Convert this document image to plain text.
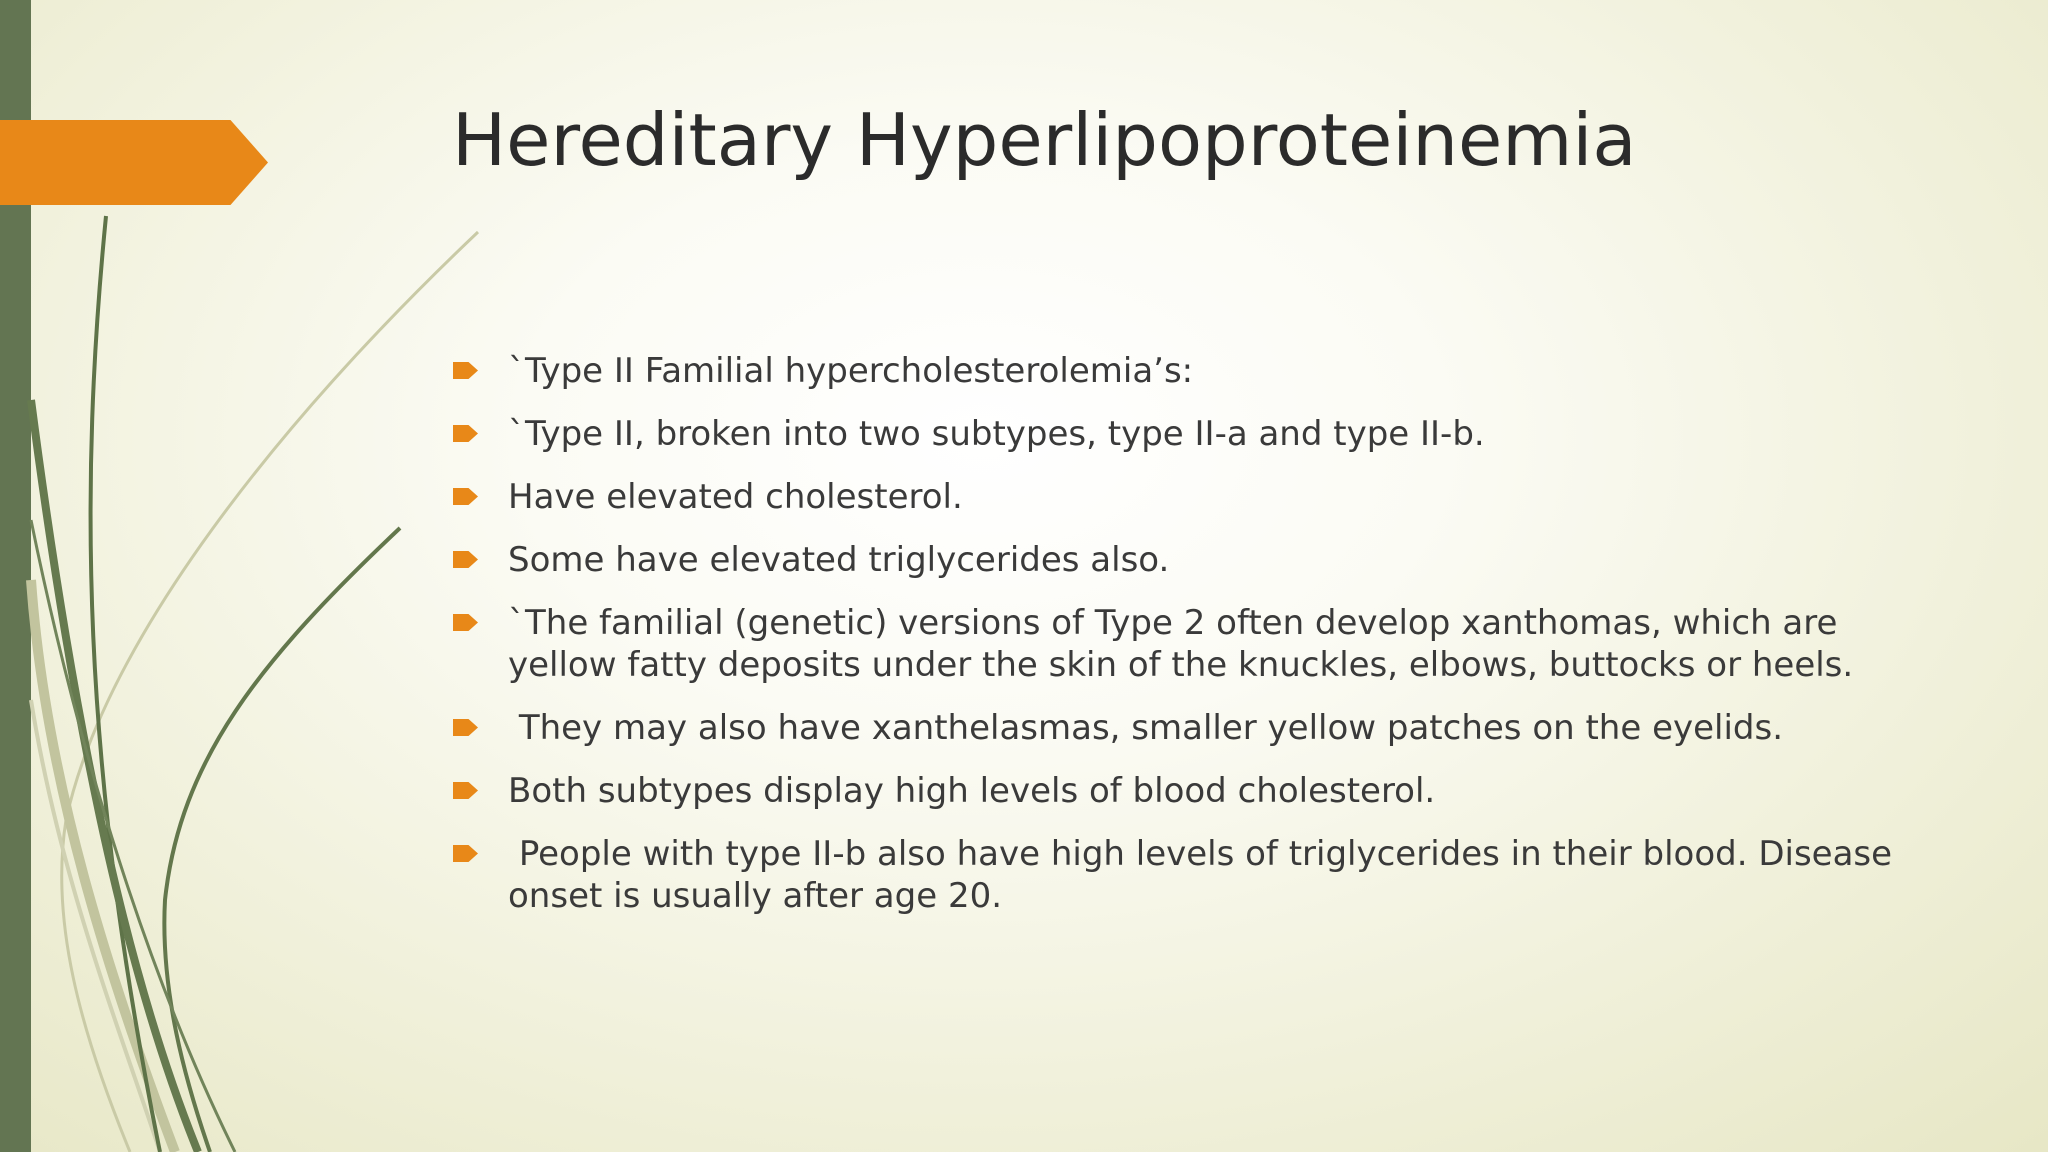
Hereditary Hyperlipoproteinemia
`Type II Familial hypercholesterolemia’s:
`Type II, broken into two subtypes, type II-a and type II-b.
Have elevated cholesterol.
Some have elevated triglycerides also.
`The familial (genetic) versions of Type 2 often develop xanthomas, which are yellow fatty deposits under the skin of the knuckles, elbows, buttocks or heels.
They may also have xanthelasmas, smaller yellow patches on the eyelids.
Both subtypes display high levels of blood cholesterol.
People with type II-b also have high levels of triglycerides in their blood. Disease onset is usually after age 20.
